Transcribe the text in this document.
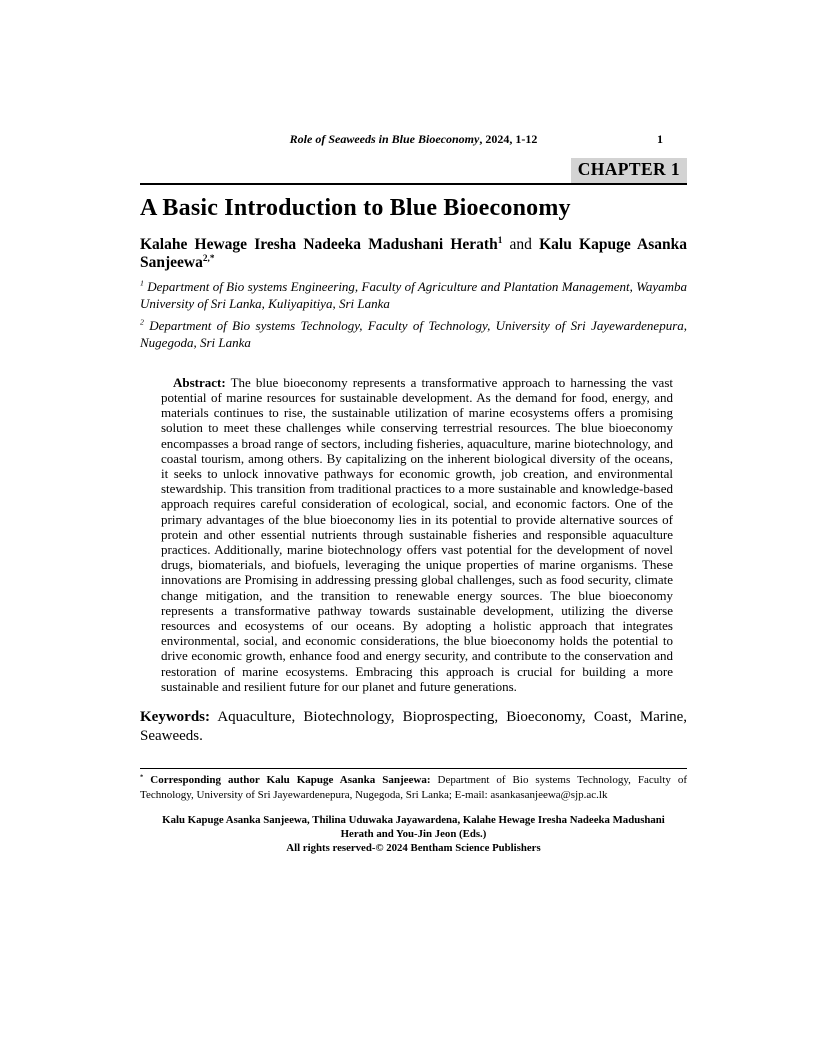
Role of Seaweeds in Blue Bioeconomy, 2024, 1-12	1

CHAPTER 1
A Basic Introduction to Blue Bioeconomy

Kalahe Hewage Iresha Nadeeka Madushani Herath$^1$ and Kalu Kapuge Asanka Sanjeewa$^{2,*}$

$^1$ Department of Bio systems Engineering, Faculty of Agriculture and Plantation Management, Wayamba University of Sri Lanka, Kuliyapitiya, Sri Lanka

$^2$ Department of Bio systems Technology, Faculty of Technology, University of Sri Jayewardenepura, Nugegoda, Sri Lanka

Abstract: The blue bioeconomy represents a transformative approach to harnessing the vast potential of marine resources for sustainable development. As the demand for food, energy, and materials continues to rise, the sustainable utilization of marine ecosystems offers a promising solution to meet these challenges while conserving terrestrial resources. The blue bioeconomy encompasses a broad range of sectors, including fisheries, aquaculture, marine biotechnology, and coastal tourism, among others. By capitalizing on the inherent biological diversity of the oceans, it seeks to unlock innovative pathways for economic growth, job creation, and environmental stewardship. This transition from traditional practices to a more sustainable and knowledge-based approach requires careful consideration of ecological, social, and economic factors. One of the primary advantages of the blue bioeconomy lies in its potential to provide alternative sources of protein and other essential nutrients through sustainable fisheries and responsible aquaculture practices. Additionally, marine biotechnology offers vast potential for the development of novel drugs, biomaterials, and biofuels, leveraging the unique properties of marine organisms. These innovations are Promising in addressing pressing global challenges, such as food security, climate change mitigation, and the transition to renewable energy sources. The blue bioeconomy represents a transformative pathway towards sustainable development, utilizing the diverse resources and ecosystems of our oceans. By adopting a holistic approach that integrates environmental, social, and economic considerations, the blue bioeconomy holds the potential to drive economic growth, enhance food and energy security, and contribute to the conservation and restoration of marine ecosystems. Embracing this approach is crucial for building a more sustainable and resilient future for our planet and future generations.

Keywords: Aquaculture, Biotechnology, Bioprospecting, Bioeconomy, Coast, Marine, Seaweeds.

* Corresponding author Kalu Kapuge Asanka Sanjeewa: Department of Bio systems Technology, Faculty of Technology, University of Sri Jayewardenepura, Nugegoda, Sri Lanka; E-mail: asankasanjeewa@sjp.ac.lk

Kalu Kapuge Asanka Sanjeewa, Thilina Uduwaka Jayawardena, Kalahe Hewage Iresha Nadeeka Madushani

Herath and You-Jin Jeon (Eds.)

All rights reserved-© 2024 Bentham Science Publishers
